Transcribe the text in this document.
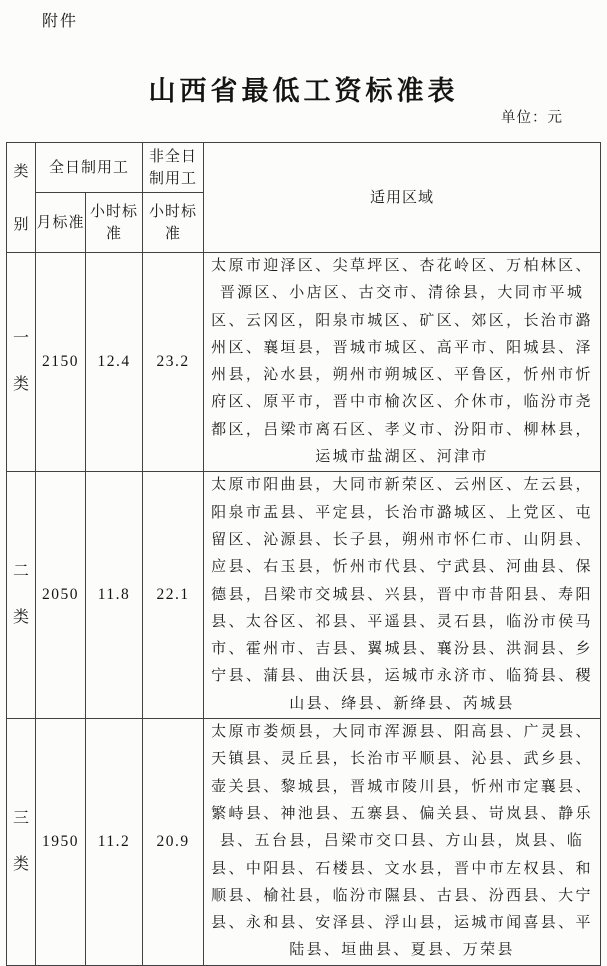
附件
山西省最低工资标准表
单位：元
类别	全日制用工		非全日制用工	适用区域
	月标准	小时标准	小时标准	

一类	2150	12.4	23.2	太原市迎泽区、尖草坪区、杏花岭区、万柏林区、晋源区、小店区、古交市、清徐县，大同市平城区、云冈区，阳泉市城区、矿区、郊区，长治市潞州区、襄垣县，晋城市城区、高平市、阳城县、泽州县，沁水县，朔州市朔城区、平鲁区，忻州市忻府区、原平市，晋中市榆次区、介休市，临汾市尧都区，吕梁市离石区、孝义市、汾阳市、柳林县，运城市盐湖区、河津市

二类	2050	11.8	22.1	太原市阳曲县，大同市新荣区、云州区、左云县，阳泉市盂县、平定县，长治市潞城区、上党区、屯留区、沁源县、长子县，朔州市怀仁市、山阴县、应县、右玉县，忻州市代县、宁武县、河曲县、保德县，吕梁市交城县、兴县，晋中市昔阳县、寿阳县、太谷区、祁县、平遥县、灵石县，临汾市侯马市、霍州市、吉县、翼城县、襄汾县、洪洞县、乡宁县、蒲县、曲沃县，运城市永济市、临猗县、稷山县、绛县、新绛县、芮城县

三类	1950	11.2	20.9	太原市娄烦县，大同市浑源县、阳高县、广灵县、天镇县、灵丘县，长治市平顺县、沁县、武乡县、壶关县、黎城县，晋城市陵川县，忻州市定襄县、繁峙县、神池县、五寨县、偏关县、岢岚县、静乐县、五台县，吕梁市交口县、方山县，岚县、临县、中阳县、石楼县、文水县，晋中市左权县、和顺县、榆社县，临汾市隰县、古县、汾西县、大宁县、永和县、安泽县、浮山县，运城市闻喜县、平陆县、垣曲县、夏县、万荣县
